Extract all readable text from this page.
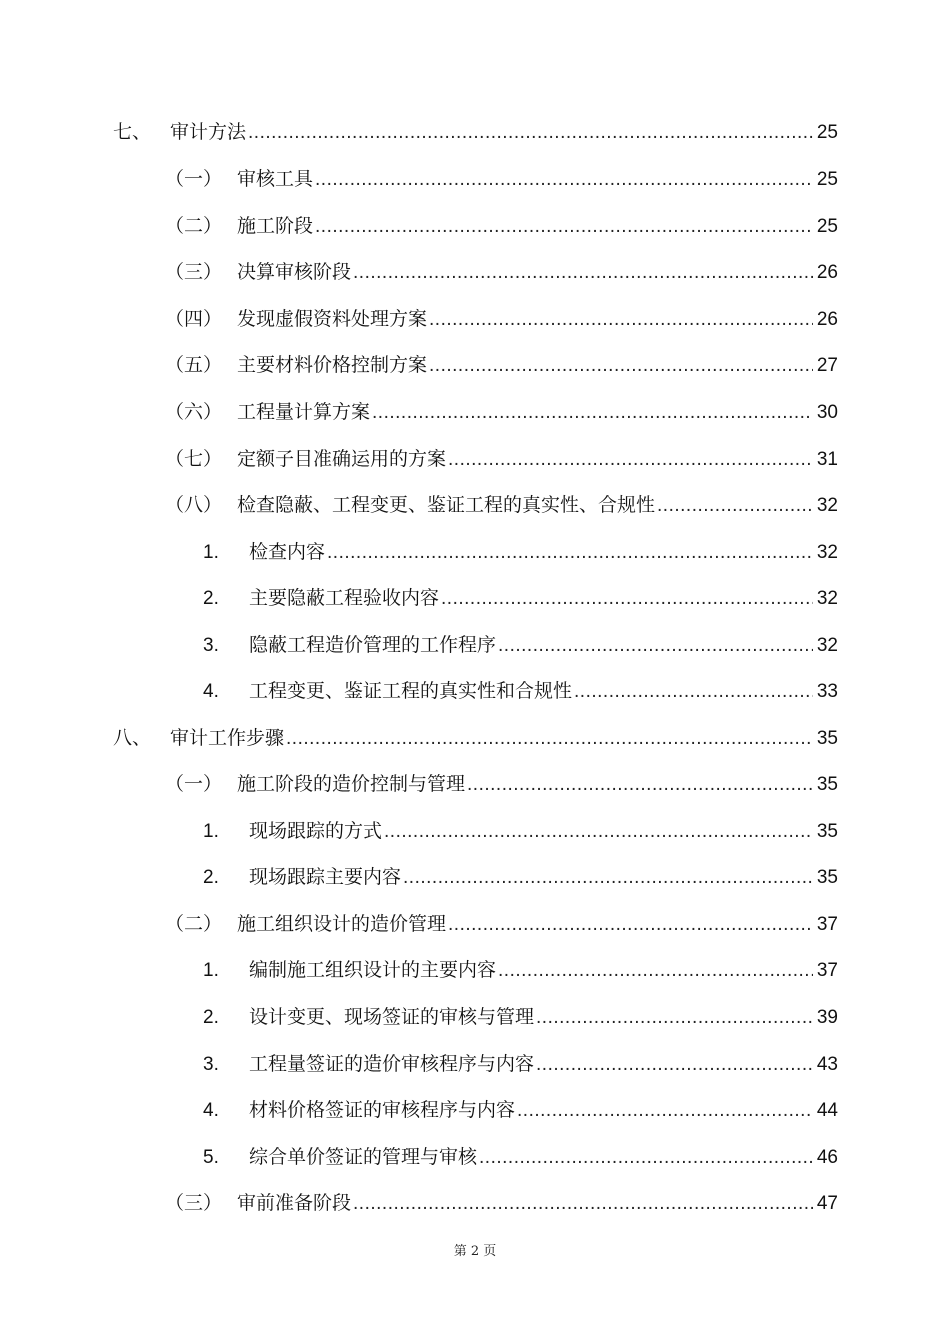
七、 审计方法 .....	25
（一） 审核工具 .....	25
（二） 施工阶段 .....	25
（三） 决算审核阶段 .....	26
（四） 发现虚假资料处理方案 .....	26
（五） 主要材料价格控制方案 .....	27
（六） 工程量计算方案 .....	30
（七） 定额子目准确运用的方案 .....	31
（八） 检查隐蔽、工程变更、鉴证工程的真实性、合规性 .....	32
1.	检查内容 .....	32
2.	主要隐蔽工程验收内容 .....	32
3.	隐蔽工程造价管理的工作程序 .....	32
4.	工程变更、鉴证工程的真实性和合规性 .....	33
八、 审计工作步骤 .....	35
（一） 施工阶段的造价控制与管理 .....	35
1.	现场跟踪的方式 .....	35
2.	现场跟踪主要内容 .....	35
（二） 施工组织设计的造价管理 .....	37
1.	编制施工组织设计的主要内容 .....	37
2.	设计变更、现场签证的审核与管理 .....	39
3.	工程量签证的造价审核程序与内容 .....	43
4.	材料价格签证的审核程序与内容 .....	44
5.	综合单价签证的管理与审核 .....	46
（三） 审前准备阶段 .....	47
第 2 页
